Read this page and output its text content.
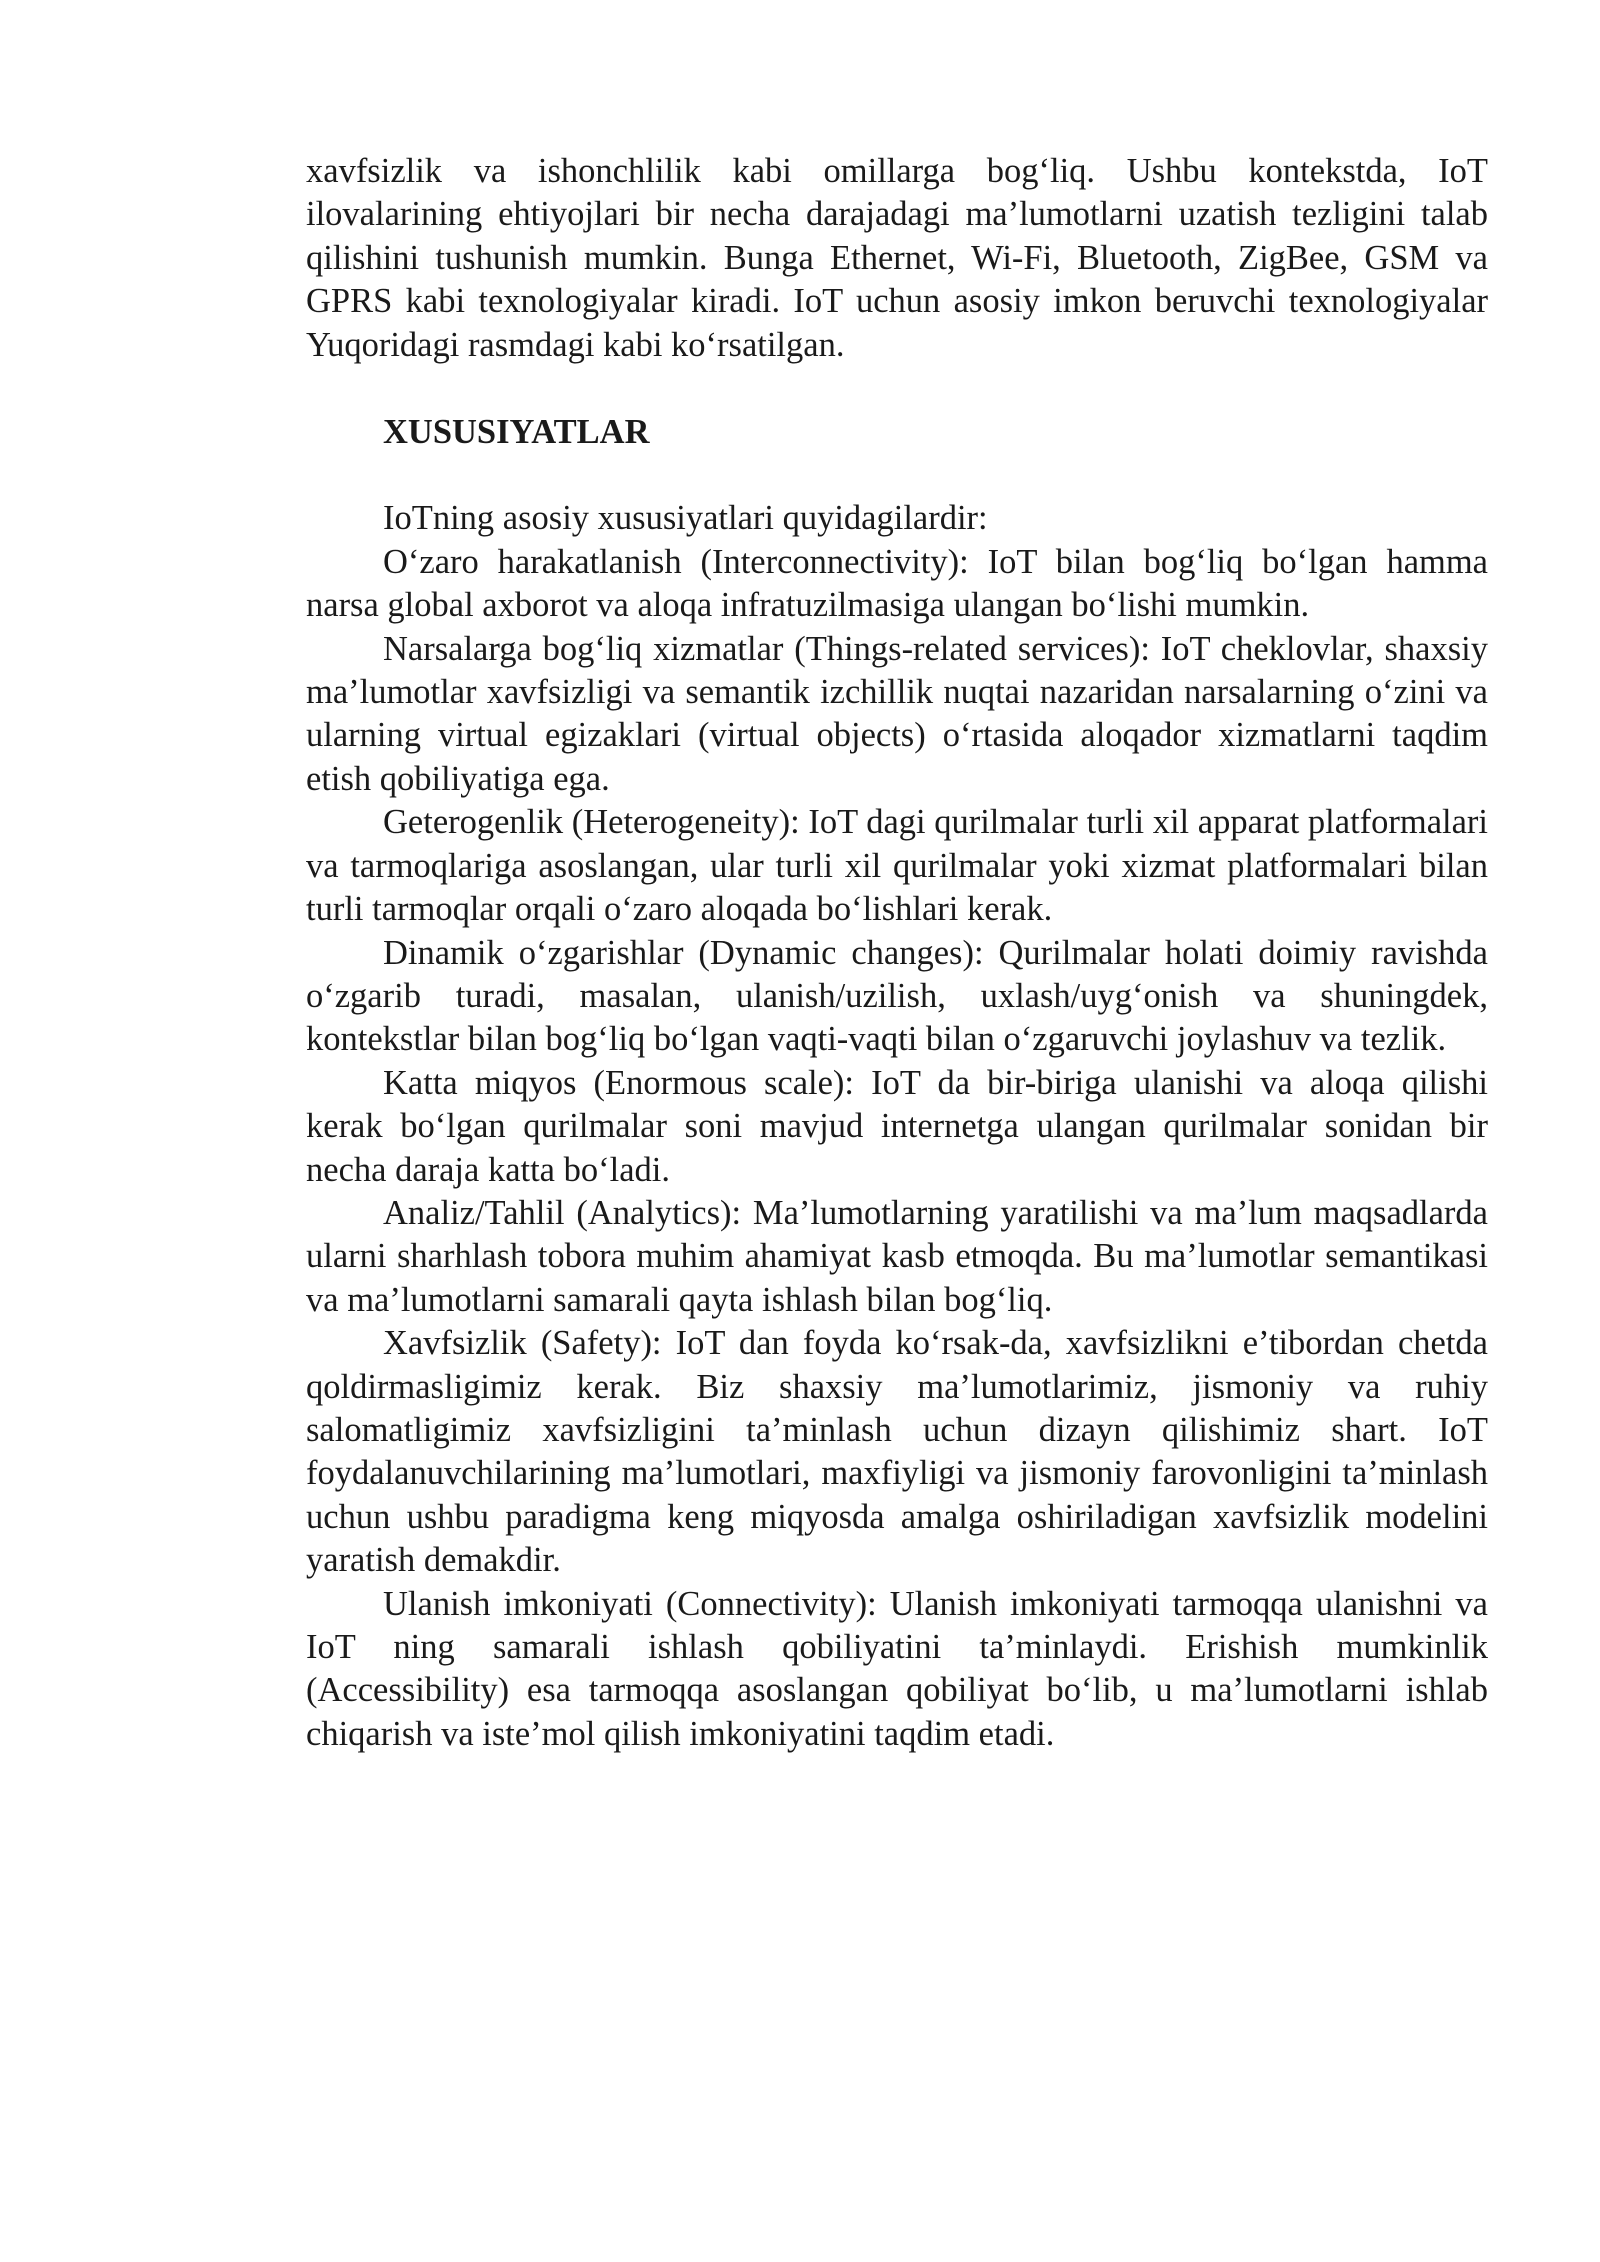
xavfsizlik va ishonchlilik kabi omillarga bog‘liq. Ushbu kontekstda, IoT ilovalarining ehtiyojlari bir necha darajadagi ma’lumotlarni uzatish tezligini talab qilishini tushunish mumkin. Bunga Ethernet, Wi-Fi, Bluetooth, ZigBee, GSM va GPRS kabi texnologiyalar kiradi. IoT uchun asosiy imkon beruvchi texnologiyalar Yuqoridagi rasmdagi kabi ko‘rsatilgan.

XUSUSIYATLAR

IoTning asosiy xususiyatlari quyidagilardir:

O‘zaro harakatlanish (Interconnectivity): IoT bilan bog‘liq bo‘lgan hamma narsa global axborot va aloqa infratuzilmasiga ulangan bo‘lishi mumkin.

Narsalarga bog‘liq xizmatlar (Things-related services): IoT cheklovlar, shaxsiy ma’lumotlar xavfsizligi va semantik izchillik nuqtai nazaridan narsalarning o‘zini va ularning virtual egizaklari (virtual objects) o‘rtasida aloqador xizmatlarni taqdim etish qobiliyatiga ega.

Geterogenlik (Heterogeneity): IoT dagi qurilmalar turli xil apparat platformalari va tarmoqlariga asoslangan, ular turli xil qurilmalar yoki xizmat platformalari bilan turli tarmoqlar orqali o‘zaro aloqada bo‘lishlari kerak.

Dinamik o‘zgarishlar (Dynamic changes): Qurilmalar holati doimiy ravishda o‘zgarib turadi, masalan, ulanish/uzilish, uxlash/uyg‘onish va shuningdek, kontekstlar bilan bog‘liq bo‘lgan vaqti-vaqti bilan o‘zgaruvchi joylashuv va tezlik.

Katta miqyos (Enormous scale): IoT da bir-biriga ulanishi va aloqa qilishi kerak bo‘lgan qurilmalar soni mavjud internetga ulangan qurilmalar sonidan bir necha daraja katta bo‘ladi.

Analiz/Tahlil (Analytics): Ma’lumotlarning yaratilishi va ma’lum maqsadlarda ularni sharhlash tobora muhim ahamiyat kasb etmoqda. Bu ma’lumotlar semantikasi va ma’lumotlarni samarali qayta ishlash bilan bog‘liq.

Xavfsizlik (Safety): IoT dan foyda ko‘rsak-da, xavfsizlikni e’tibordan chetda qoldirmasligimiz kerak. Biz shaxsiy ma’lumotlarimiz, jismoniy va ruhiy salomatligimiz xavfsizligini ta’minlash uchun dizayn qilishimiz shart. IoT foydalanuvchilarining ma’lumotlari, maxfiyligi va jismoniy farovonligini ta’minlash uchun ushbu paradigma keng miqyosda amalga oshiriladigan xavfsizlik modelini yaratish demakdir.

Ulanish imkoniyati (Connectivity): Ulanish imkoniyati tarmoqqa ulanishni va IoT ning samarali ishlash qobiliyatini ta’minlaydi. Erishish mumkinlik (Accessibility) esa tarmoqqa asoslangan qobiliyat bo‘lib, u ma’lumotlarni ishlab chiqarish va iste’mol qilish imkoniyatini taqdim etadi.
